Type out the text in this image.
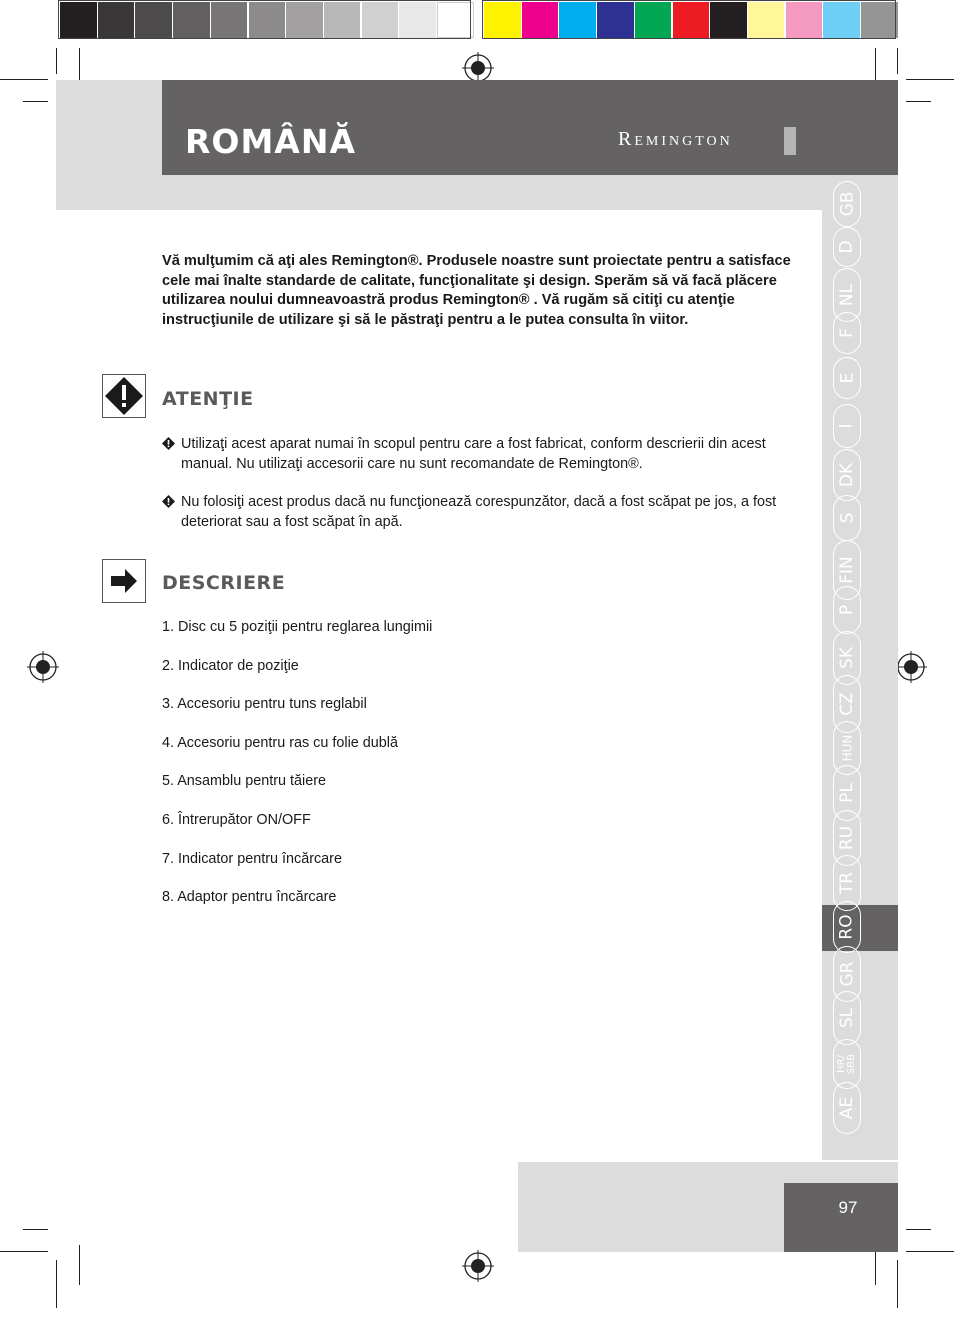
ROMÂNĂ	Remington
GB
D
NL
F
E
I
DK
S
FIN
P
SK
CZ
HUN
PL
RU
TR
RO
GR
SL
HR/
SRB
AE
Vă mulţumim că aţi ales Remington®. Produsele noastre sunt proiectate pentru a satisface cele mai înalte standarde de calitate, funcţionalitate şi design. Sperăm să vă facă plăcere utilizarea noului dumneavoastră produs Remington® . Vă rugăm să citiţi cu atenţie instrucţiunile de utilizare şi să le păstraţi pentru a le putea consulta în viitor.
ATENŢIE
Utilizaţi acest aparat numai în scopul pentru care a fost fabricat, conform descrierii din acest manual. Nu utilizaţi accesorii care nu sunt recomandate de Remington®.
Nu folosiţi acest produs dacă nu funcţionează corespunzător, dacă a fost scăpat pe jos, a fost deteriorat sau a fost scăpat în apă.
DESCRIERE
1. Disc cu 5 poziţii pentru reglarea lungimii
2. Indicator de poziţie
3. Accesoriu pentru tuns reglabil
4. Accesoriu pentru ras cu folie dublă
5. Ansamblu pentru tăiere
6. Întrerupător ON/OFF
7. Indicator pentru încărcare
8. Adaptor pentru încărcare
97
